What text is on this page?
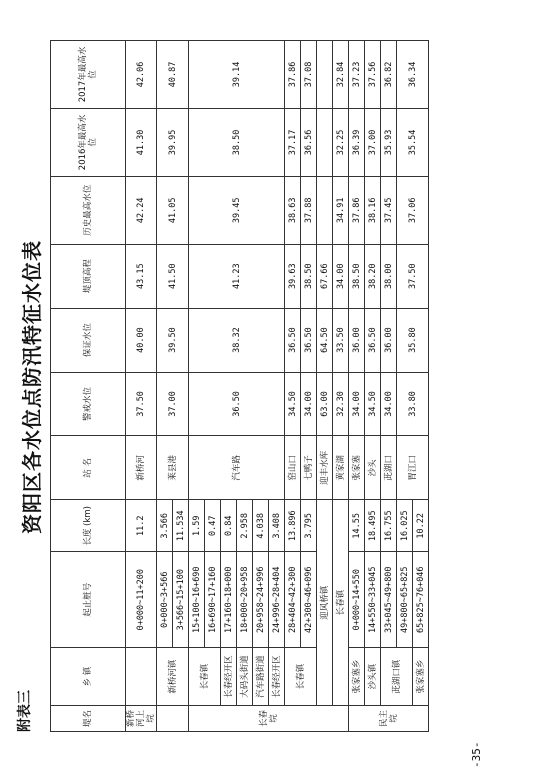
附表三
资阳区各水位点防汛特征水位表
堤名	乡 镇	起止桩号	长度 (km)	站 名	警戒水位	保证水位	堤顶高程	历史最高水位	2016年最高水位	2017年最高水位
新桥河上垸		0+000~11+200	11.2	新桥河	37.50	40.00	43.15	42.24	41.30	42.06
	新桥河镇	0+000~3+566	3.566	莱县港	37.00	39.50	41.50	41.05	39.95	40.87
		3+566~15+100	11.534							
长春垸	长春镇	15+100~16+690	1.59	汽车路	36.50	38.32	41.23	39.45	38.50	39.14
		16+690~17+160	0.47							
	长春经开区	17+160~18+000	0.84							
	大码头街道	18+000~20+958	2.958							
	汽车路街道	20+958~24+996	4.038							
	长春经开区	24+996~28+404	3.408							
	长春镇	28+404~42+300	13.896	窑山口	34.50	36.50	39.63	38.63	37.17	37.86
		42+300~46+096	3.795	七鸭子	34.00	36.50	38.50	37.88	36.56	37.08
	迎风桥镇			迎丰水库	63.00	64.50	67.66			
	长春镇			黄家湖	32.30	33.50	34.00	34.91	32.25	32.84
民主垸	张家塞乡	0+000~14+550	14.55	张家塞	34.00	36.00	38.50	37.86	36.39	37.23
	沙头镇	14+550~33+045	18.495	沙头	34.50	36.50	38.20	38.16	37.00	37.56
	茈湖口镇	33+045~49+800	16.755	茈湖口	34.00	36.00	38.00	37.45	35.93	36.82
		49+800~65+825	16.025	胃江口	33.80	35.80	37.50	37.06	35.54	36.34
	张家塞乡	65+825~76+046	10.22							
-35-
